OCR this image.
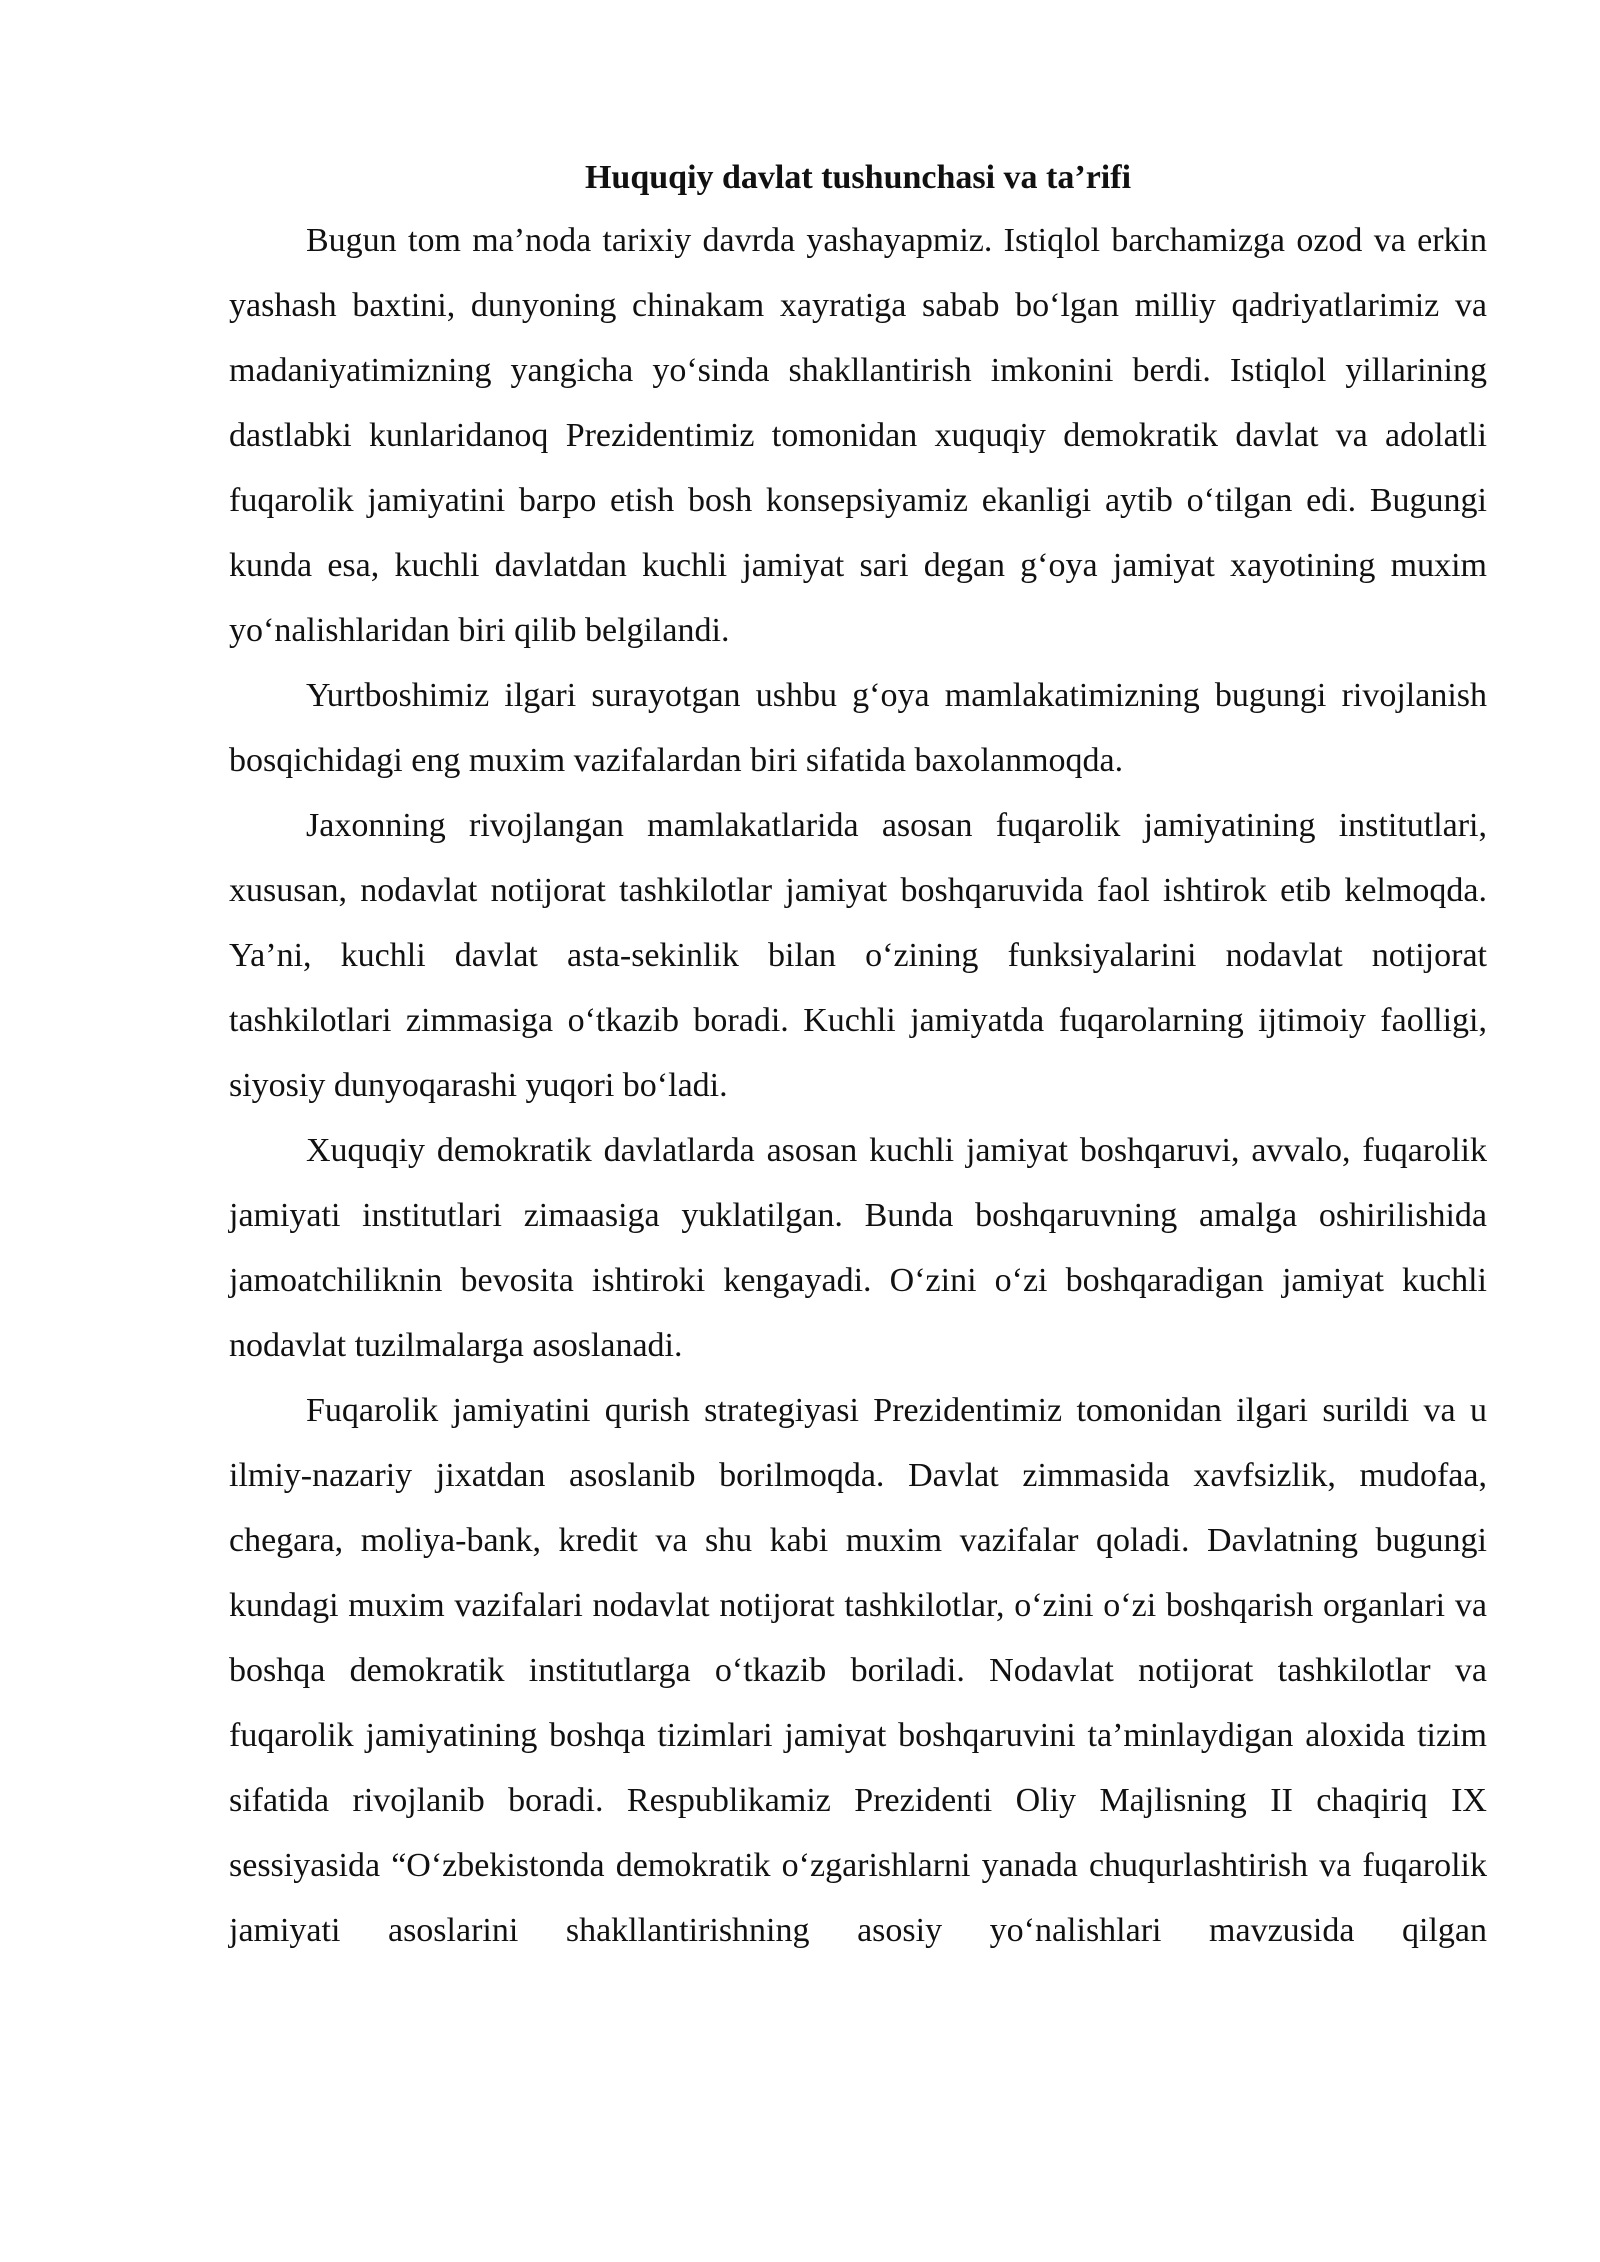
Huquqiy davlat tushunchasi va ta’rifi

Bugun tom ma’noda tarixiy davrda yashayapmiz. Istiqlol barchamizga ozod va erkin yashash baxtini, dunyoning chinakam xayratiga sabab bo‘lgan milliy qadriyatlarimiz va madaniyatimizning yangicha yo‘sinda shakllantirish imkonini berdi. Istiqlol yillarining dastlabki kunlaridanoq Prezidentimiz tomonidan xuquqiy demokratik davlat va adolatli fuqarolik jamiyatini barpo etish bosh konsepsiyamiz ekanligi aytib o‘tilgan edi. Bugungi kunda esa, kuchli davlatdan kuchli jamiyat sari degan g‘oya jamiyat xayotining muxim yo‘nalishlaridan biri qilib belgilandi.

Yurtboshimiz ilgari surayotgan ushbu g‘oya mamlakatimizning bugungi rivojlanish bosqichidagi eng muxim vazifalardan biri sifatida baxolanmoqda.

Jaxonning rivojlangan mamlakatlarida asosan fuqarolik jamiyatining institutlari, xususan, nodavlat notijorat tashkilotlar jamiyat boshqaruvida faol ishtirok etib kelmoqda. Ya’ni, kuchli davlat asta-sekinlik bilan o‘zining funksiyalarini nodavlat notijorat tashkilotlari zimmasiga o‘tkazib boradi. Kuchli jamiyatda fuqarolarning ijtimoiy faolligi, siyosiy dunyoqarashi yuqori bo‘ladi.

Xuquqiy demokratik davlatlarda asosan kuchli jamiyat boshqaruvi, avvalo, fuqarolik jamiyati institutlari zimaasiga yuklatilgan. Bunda boshqaruvning amalga oshirilishida jamoatchiliknin bevosita ishtiroki kengayadi. O‘zini o‘zi boshqaradigan jamiyat kuchli nodavlat tuzilmalarga asoslanadi.

Fuqarolik jamiyatini qurish strategiyasi Prezidentimiz tomonidan ilgari surildi va u ilmiy-nazariy jixatdan asoslanib borilmoqda. Davlat zimmasida xavfsizlik, mudofaa, chegara, moliya-bank, kredit va shu kabi muxim vazifalar qoladi. Davlatning bugungi kundagi muxim vazifalari nodavlat notijorat tashkilotlar, o‘zini o‘zi boshqarish organlari va boshqa demokratik institutlarga o‘tkazib boriladi. Nodavlat notijorat tashkilotlar va fuqarolik jamiyatining boshqa tizimlari jamiyat boshqaruvini ta’minlaydigan aloxida tizim sifatida rivojlanib boradi. Respublikamiz Prezidenti Oliy Majlisning II chaqiriq IX sessiyasida “O‘zbekistonda demokratik o‘zgarishlarni yanada chuqurlashtirish va fuqarolik jamiyati asoslarini shakllantirishning asosiy yo‘nalishlari mavzusida qilgan
